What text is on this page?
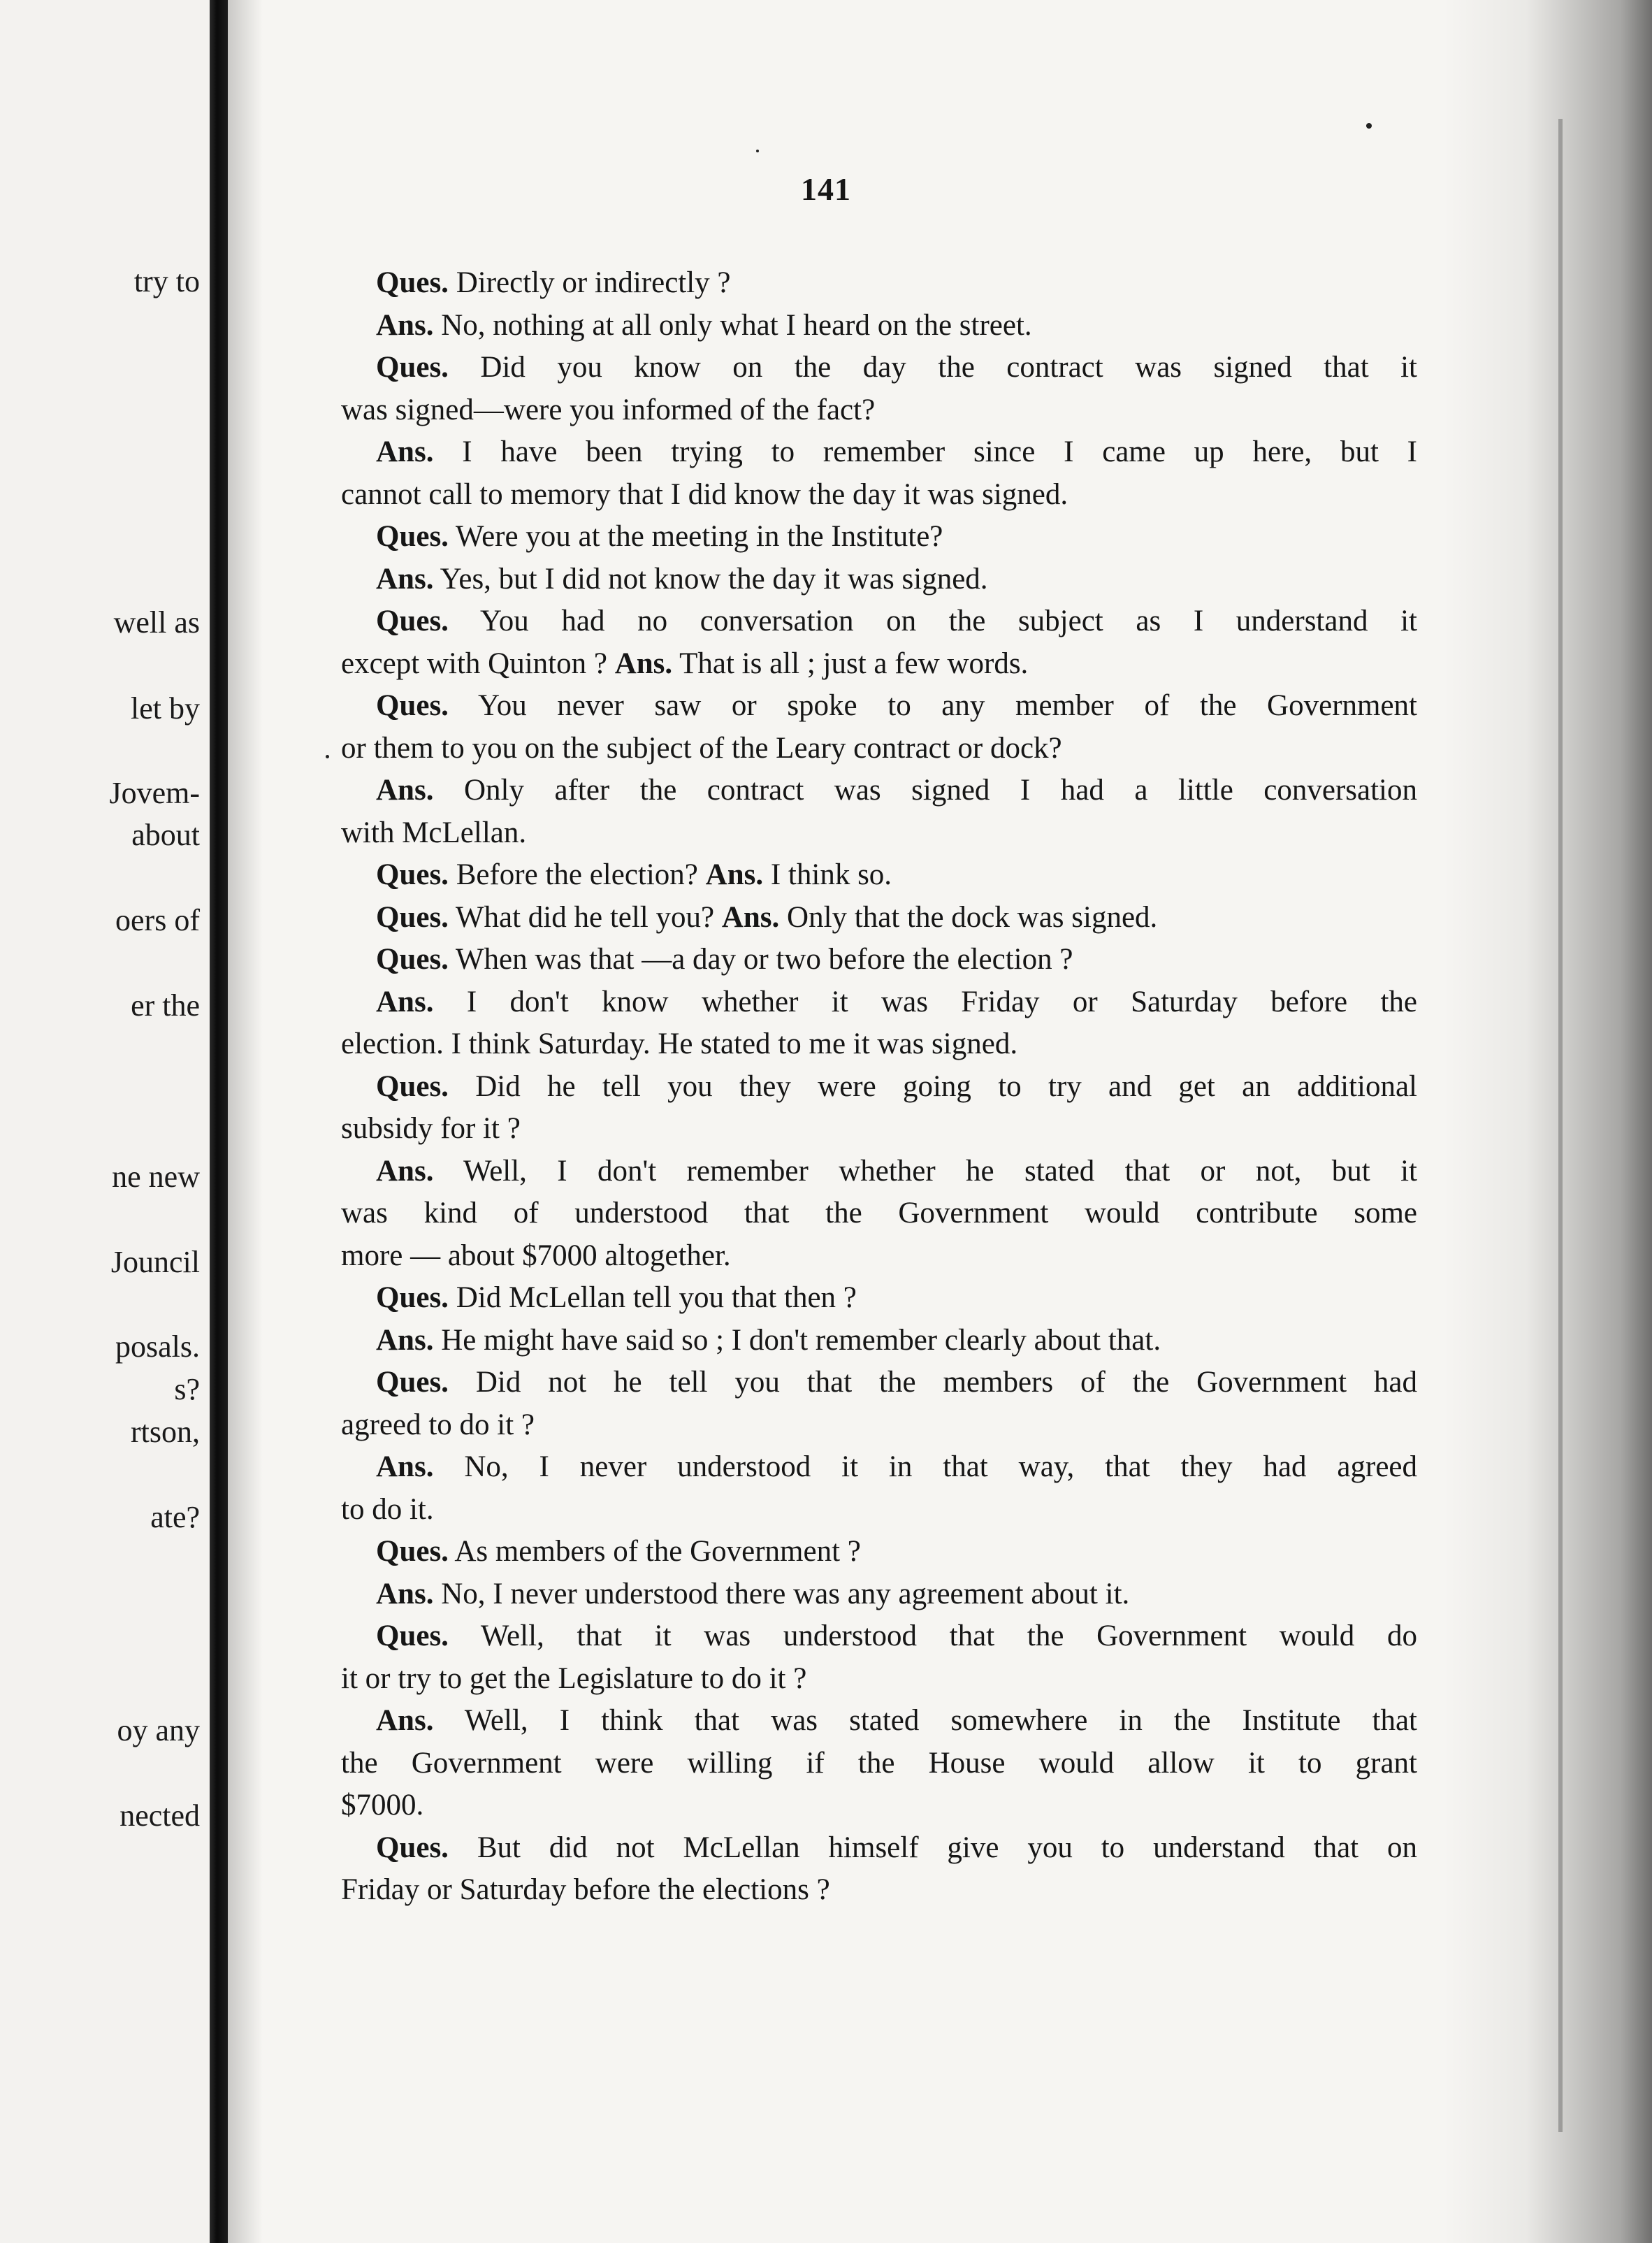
try to
well as
let by
Jovem-
about
oers of
er the
ne new
Jouncil
posals.
s?
rtson,
ate?
oy any
nected
141
Ques. Directly or indirectly ?
Ans. No, nothing at all only what I heard on the street.
Ques. Did you know on the day the contract was signed that it
was signed—were you informed of the fact?
Ans. I have been trying to remember since I came up here, but I
cannot call to memory that I did know the day it was signed.
Ques. Were you at the meeting in the Institute?
Ans. Yes, but I did not know the day it was signed.
Ques. You had no conversation on the subject as I understand it
except with Quinton ? Ans. That is all ; just a few words.
Ques. You never saw or spoke to any member of the Government
or them to you on the subject of the Leary contract or dock?
Ans. Only after the contract was signed I had a little conversation
with McLellan.
Ques. Before the election? Ans. I think so.
Ques. What did he tell you? Ans. Only that the dock was signed.
Ques. When was that —a day or two before the election ?
Ans. I don't know whether it was Friday or Saturday before the
election. I think Saturday. He stated to me it was signed.
Ques. Did he tell you they were going to try and get an additional
subsidy for it ?
Ans. Well, I don't remember whether he stated that or not, but it
was kind of understood that the Government would contribute some
more — about $7000 altogether.
Ques. Did McLellan tell you that then ?
Ans. He might have said so ; I don't remember clearly about that.
Ques. Did not he tell you that the members of the Government had
agreed to do it ?
Ans. No, I never understood it in that way, that they had agreed
to do it.
Ques. As members of the Government ?
Ans. No, I never understood there was any agreement about it.
Ques. Well, that it was understood that the Government would do
it or try to get the Legislature to do it ?
Ans. Well, I think that was stated somewhere in the Institute that
the Government were willing if the House would allow it to grant
$7000.
Ques. But did not McLellan himself give you to understand that on
Friday or Saturday before the elections ?
